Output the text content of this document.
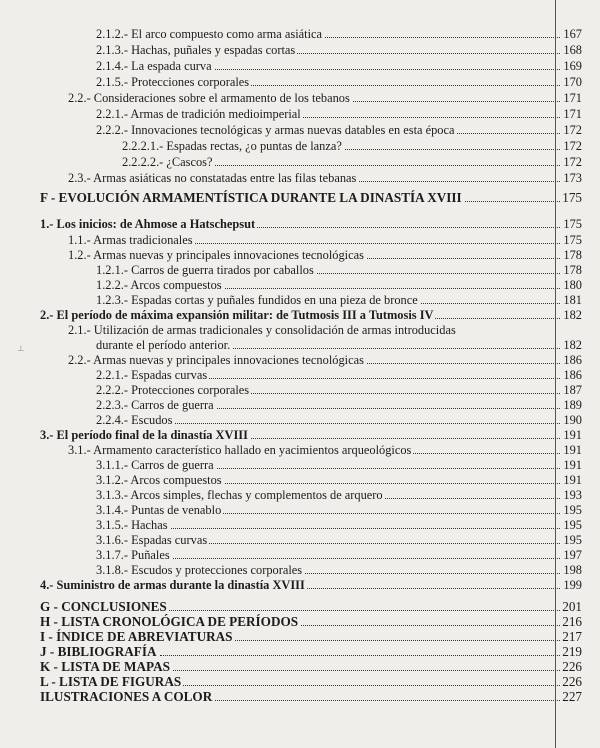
⊥
2.1.2.- El arco compuesto como arma asiática	167
2.1.3.- Hachas, puñales y espadas cortas	168
2.1.4.- La espada curva	169
2.1.5.- Protecciones corporales	170
2.2.- Consideraciones sobre el armamento de los tebanos	171
2.2.1.- Armas de tradición medioimperial	171
2.2.2.- Innovaciones tecnológicas y armas nuevas datables en esta época	172
2.2.2.1.- Espadas rectas, ¿o puntas de lanza?	172
2.2.2.2.- ¿Cascos?	172
2.3.- Armas asiáticas no constatadas entre las filas tebanas	173
F - EVOLUCIÓN ARMAMENTÍSTICA DURANTE LA DINASTÍA XVIII	175
1.- Los inicios: de Ahmose a Hatschepsut	175
1.1.- Armas tradicionales	175
1.2.- Armas nuevas y principales innovaciones tecnológicas	178
1.2.1.- Carros de guerra tirados por caballos	178
1.2.2.- Arcos compuestos	180
1.2.3.- Espadas cortas y puñales fundidos en una pieza de bronce	181
2.- El período de máxima expansión militar: de Tutmosis III a Tutmosis IV	182
2.1.- Utilización de armas tradicionales y consolidación de armas introducidas
durante el período anterior.	182
2.2.- Armas nuevas y principales innovaciones tecnológicas	186
2.2.1.- Espadas curvas	186
2.2.2.- Protecciones corporales	187
2.2.3.- Carros de guerra	189
2.2.4.- Escudos	190
3.- El período final de la dinastía XVIII	191
3.1.- Armamento característico hallado en yacimientos arqueológicos	191
3.1.1.- Carros de guerra	191
3.1.2.- Arcos compuestos	191
3.1.3.- Arcos simples, flechas y complementos de arquero	193
3.1.4.- Puntas de venablo	195
3.1.5.- Hachas	195
3.1.6.- Espadas curvas	195
3.1.7.- Puñales	197
3.1.8.- Escudos y protecciones corporales	198
4.- Suministro de armas durante la dinastía XVIII	199
G - CONCLUSIONES	201
H - LISTA CRONOLÓGICA DE PERÍODOS	216
I - ÍNDICE DE ABREVIATURAS	217
J - BIBLIOGRAFÍA	219
K - LISTA DE MAPAS	226
L - LISTA DE FIGURAS	226
ILUSTRACIONES A COLOR	227
